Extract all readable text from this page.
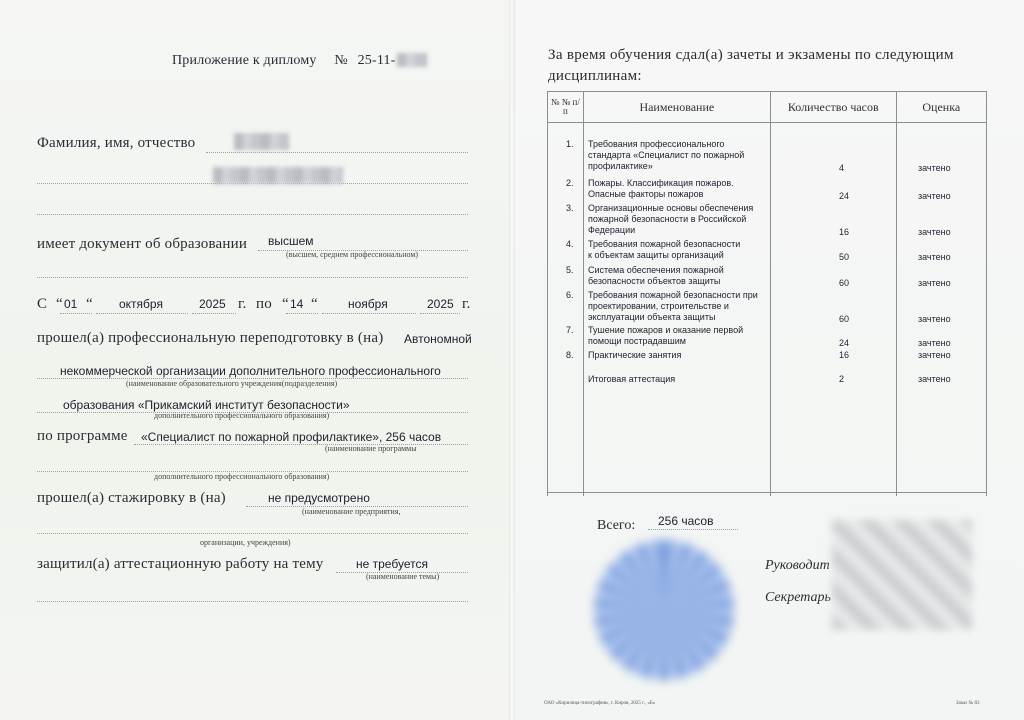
Приложение к диплому № 25-11-
Фамилия, имя, отчество
имеет документ об образовании высшем
(высшем, среднем профессиональном)
С “ 01 “ октября	2025 г. по “ 14 “	ноября	2025 г.
прошел(а) профессиональную переподготовку в (на) Автономной
некоммерческой организации дополнительного профессионального
(наименование образовательного учреждения(подразделения)
образования «Прикамский институт безопасности»
дополнительного профессионального образования)
по программе «Специалист по пожарной профилактике», 256 часов
(наименование программы
дополнительного профессионального образования)
прошел(а) стажировку в (на)	не предусмотрено
(наименование предприятия,
организации, учреждения)
защитил(а) аттестационную работу на тему	не требуется
(наименование темы)
За время обучения сдал(а) зачеты и экзамены по следующим
дисциплинам:
№ № п/п	Наименование	Количество часов	Оценка

1. Требования профессионального
стандарта «Специалист по пожарной
профилактике»	4	зачтено
2. Пожары. Классификация пожаров.
Опасные факторы пожаров	24	зачтено
3. Организационные основы обеспечения
пожарной безопасности в Российской
Федерации	16	зачтено
4. Требования пожарной безопасности
к объектам защиты организаций	50	зачтено
5. Система обеспечения пожарной
безопасности объектов защиты	60	зачтено
6. Требования пожарной безопасности при
проектировании, строительстве и
эксплуатации объекта защиты	60	зачтено
7. Тушение пожаров и оказание первой
помощи пострадавшим	24	зачтено
8. Практические занятия	16	зачтено
Итоговая аттестация	2	зачтено
Всего: 256 часов
Руководит
Секретарь
ОАО «Кирилица-типография», г. Киров, 2025 г., «Б»	Заказ № 83
